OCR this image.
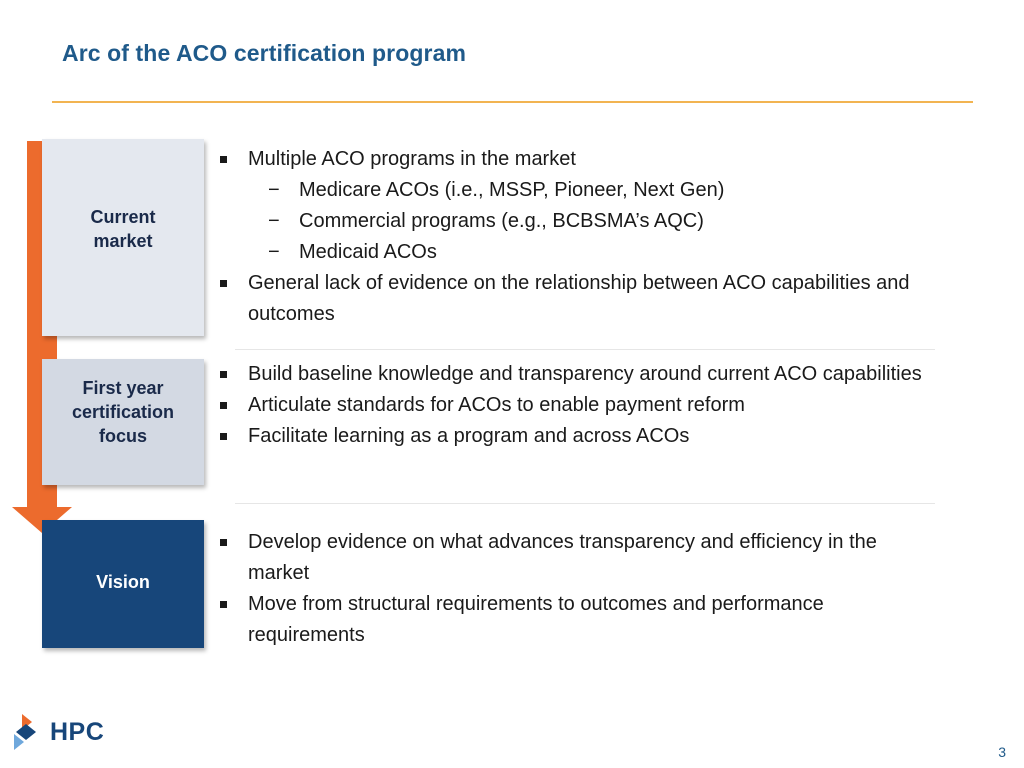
Arc of the ACO certification program
Current
market
First year
certification
focus
Vision
Multiple ACO programs in the market
− Medicare ACOs (i.e., MSSP, Pioneer, Next Gen)
− Commercial programs (e.g., BCBSMA’s AQC)
− Medicaid ACOs
General lack of evidence on the relationship between ACO capabilities and outcomes
Build baseline knowledge and transparency around current ACO capabilities
Articulate standards for ACOs to enable payment reform
Facilitate learning as a program and across ACOs
Develop evidence on what advances transparency and efficiency in the market
Move from structural requirements to outcomes and performance requirements
HPC
3
